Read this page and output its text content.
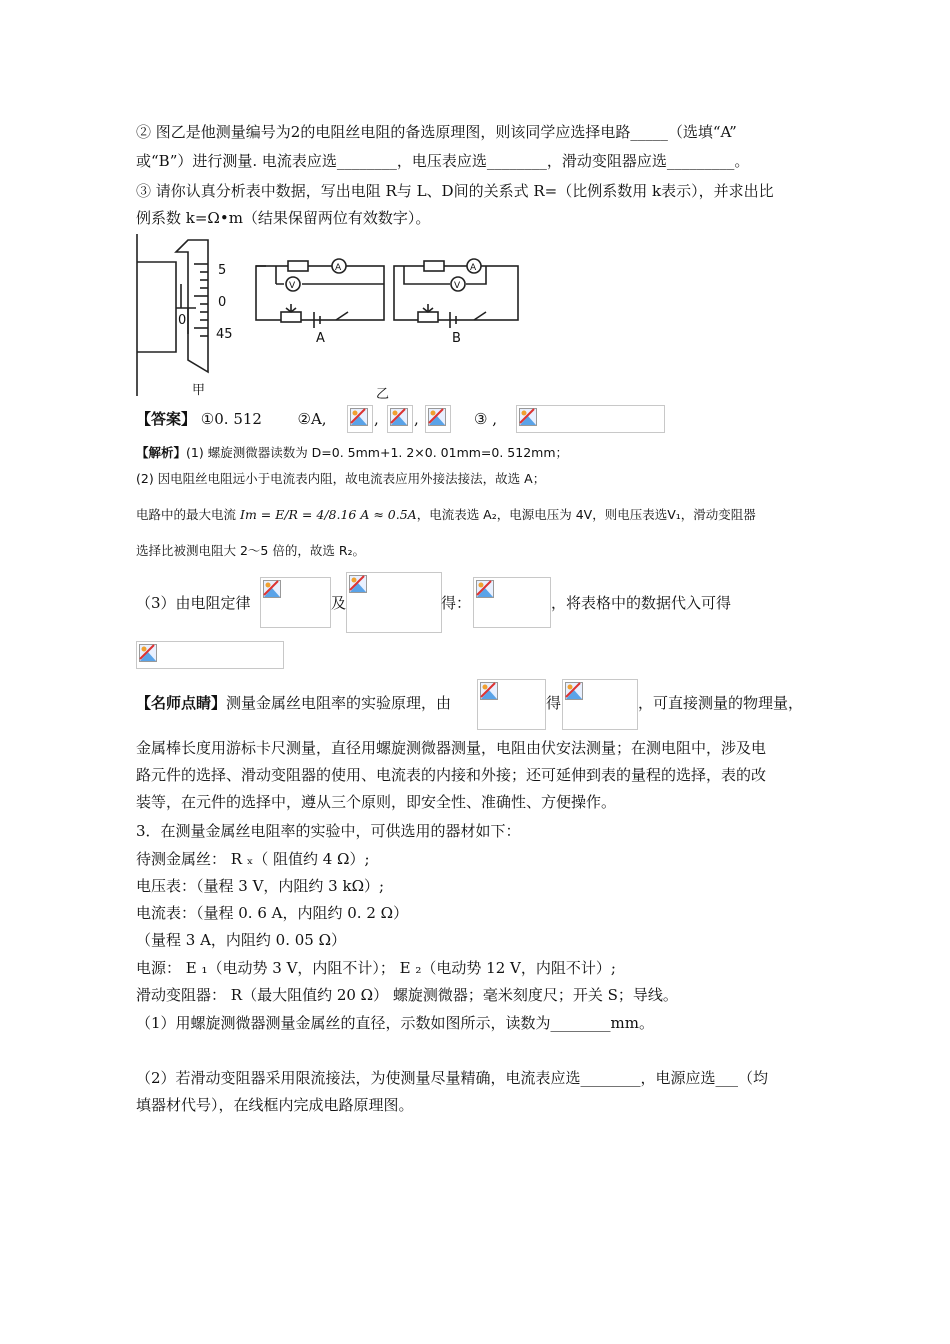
② 图乙是他测量编号为2的电阻丝电阻的备选原理图，则该同学应选择电路_____（选填“A”
或“B”）进行测量. 电流表应选________，电压表应选________，滑动变阻器应选_________。
③ 请你认真分析表中数据，写出电阻 R与 L、D间的关系式 R=（比例系数用 k表示），并求出比
例系数 k=Ω•m（结果保留两位有效数字）。
5
0
45
0
A
V
A
V
A	B
甲	乙
【答案】 ①0. 512 ②A,	, ,	③ ,
【解析】(1) 螺旋测微器读数为 D=0. 5mm+1. 2×0. 01mm=0. 512mm；
(2) 因电阻丝电阻远小于电流表内阻，故电流表应用外接法接法，故选 A；
电路中的最大电流 Im = E/R = 4/8.16 A ≈ 0.5A，电流表选 A₂，电源电压为 4V，则电压表选V₁，滑动变阻器
选择比被测电阻大 2～5 倍的，故选 R₂。
（3）由电阻定律	及	得：	，将表格中的数据代入可得
【名师点睛】测量金属丝电阻率的实验原理，由	得	，可直接测量的物理量，
金属棒长度用游标卡尺测量，直径用螺旋测微器测量，电阻由伏安法测量；在测电阻中，涉及电
路元件的选择、滑动变阻器的使用、电流表的内接和外接；还可延伸到表的量程的选择，表的改
装等，在元件的选择中，遵从三个原则，即安全性、准确性、方便操作。
3．在测量金属丝电阻率的实验中，可供选用的器材如下：
待测金属丝： R ₓ（ 阻值约 4 Ω）;
电压表：（量程 3 V，内阻约 3 kΩ）;
电流表：（量程 0. 6 A，内阻约 0. 2 Ω）
（量程 3 A，内阻约 0. 05 Ω）
电源： E ₁（电动势 3 V，内阻不计）； E ₂（电动势 12 V，内阻不计）;
滑动变阻器： R（最大阻值约 20 Ω） 螺旋测微器；毫米刻度尺；开关 S；导线。
（1）用螺旋测微器测量金属丝的直径，示数如图所示，读数为________mm。
（2）若滑动变阻器采用限流接法，为使测量尽量精确，电流表应选________，电源应选___（均
填器材代号），在线框内完成电路原理图。
